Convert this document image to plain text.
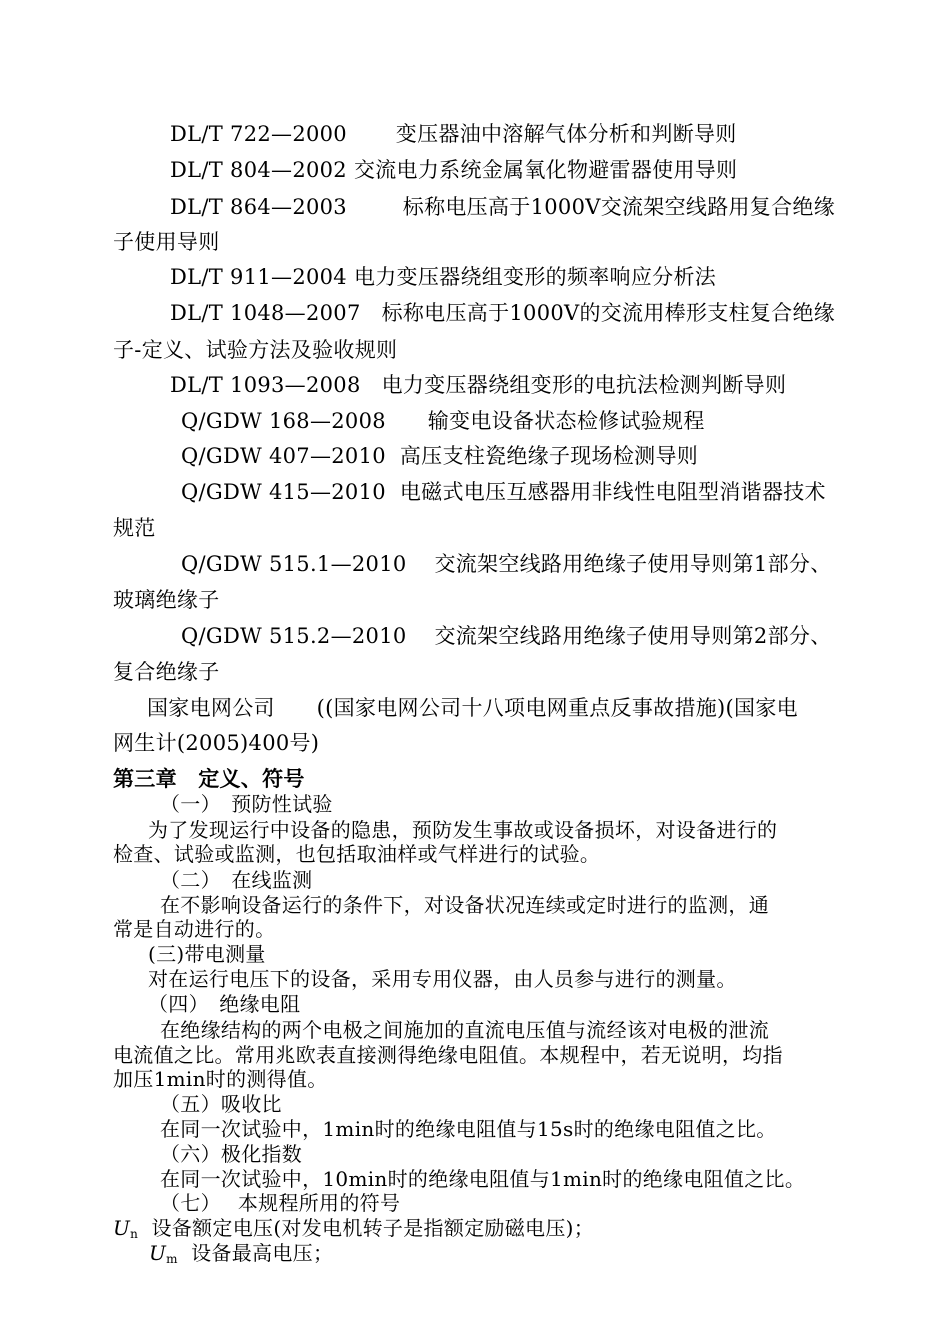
DL/T 722—2000 变压器油中溶解气体分析和判断导则
DL/T 804—2002 交流电力系统金属氧化物避雷器使用导则
DL/T 864—2003	标称电压高于1000V交流架空线路用复合绝缘
子使用导则
DL/T 911—2004 电力变压器绕组变形的频率响应分析法
DL/T 1048—2007 标称电压高于1000V的交流用棒形支柱复合绝缘
子-定义、试验方法及验收规则
DL/T 1093—2008 电力变压器绕组变形的电抗法检测判断导则
Q/GDW 168—2008 输变电设备状态检修试验规程
Q/GDW 407—2010 高压支柱瓷绝缘子现场检测导则
Q/GDW 415—2010 电磁式电压互感器用非线性电阻型消谐器技术
规范
Q/GDW 515.1—2010 交流架空线路用绝缘子使用导则第1部分、
玻璃绝缘子
Q/GDW 515.2—2010 交流架空线路用绝缘子使用导则第2部分、
复合绝缘子
国家电网公司 ((国家电网公司十八项电网重点反事故措施)(国家电
网生计(2005)400号)
第三章　定义、符号
（一）　预防性试验
为了发现运行中设备的隐患，预防发生事故或设备损坏，对设备进行的
检查、试验或监测，也包括取油样或气样进行的试验。
（二）　在线监测
在不影响设备运行的条件下，对设备状况连续或定时进行的监测，通
常是自动进行的。
(三)带电测量
对在运行电压下的设备，采用专用仪器，由人员参与进行的测量。
（四）　绝缘电阻
在绝缘结构的两个电极之间施加的直流电压值与流经该对电极的泄流
电流值之比。常用兆欧表直接测得绝缘电阻值。本规程中，若无说明，均指
加压1min时的测得值。
（五）吸收比
在同一次试验中，1min时的绝缘电阻值与15s时的绝缘电阻值之比。
（六）极化指数
在同一次试验中，10min时的绝缘电阻值与1min时的绝缘电阻值之比。
（七）　 本规程所用的符号
$U_n$ 设备额定电压(对发电机转子是指额定励磁电压)；
$U_m$ 设备最高电压；
